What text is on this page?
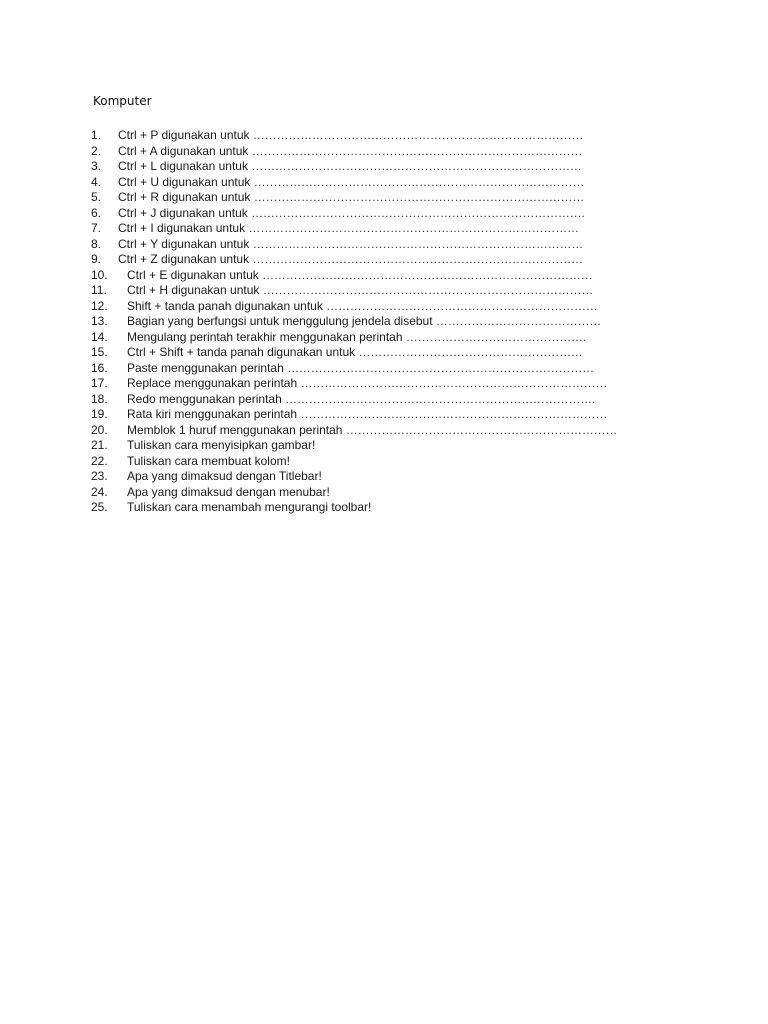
Komputer
1. Ctrl + P digunakan untuk …………………………………………………………………………
2. Ctrl + A digunakan untuk …………………………………………………………………………
3. Ctrl + L digunakan untuk …………………………………………………………………………
4. Ctrl + U digunakan untuk …………………………………………………………………………
5. Ctrl + R digunakan untuk …………………………………………………………………………
6. Ctrl + J digunakan untuk ………………………………………………………………………….
7. Ctrl + I digunakan untuk …………………………………………………………………………
8. Ctrl + Y digunakan untuk …………………………………………………………………………
9. Ctrl + Z digunakan untuk …………………………………………………………………………
10. Ctrl + E digunakan untuk …………………………………………………………………………
11. Ctrl + H digunakan untuk …………………………………………………………………………
12. Shift + tanda panah digunakan untuk ……………………………………………………………
13. Bagian yang berfungsi untuk menggulung jendela disebut ……………………………………
14. Mengulang perintah terakhir menggunakan perintah ……………………………………….
15. Ctrl + Shift + tanda panah digunakan untuk …………………………………………………
16. Paste menggunakan perintah ……………………………………………………………………
17. Replace menggunakan perintah ……………………………………………………………………
18. Redo menggunakan perintah …………………………………………………………………….
19. Rata kiri menggunakan perintah ……………………………………………………………………
20. Memblok 1 huruf menggunakan perintah ……………………………………………………………
21. Tuliskan cara menyisipkan gambar!
22. Tuliskan cara membuat kolom!
23. Apa yang dimaksud dengan Titlebar!
24. Apa yang dimaksud dengan menubar!
25. Tuliskan cara menambah mengurangi toolbar!
